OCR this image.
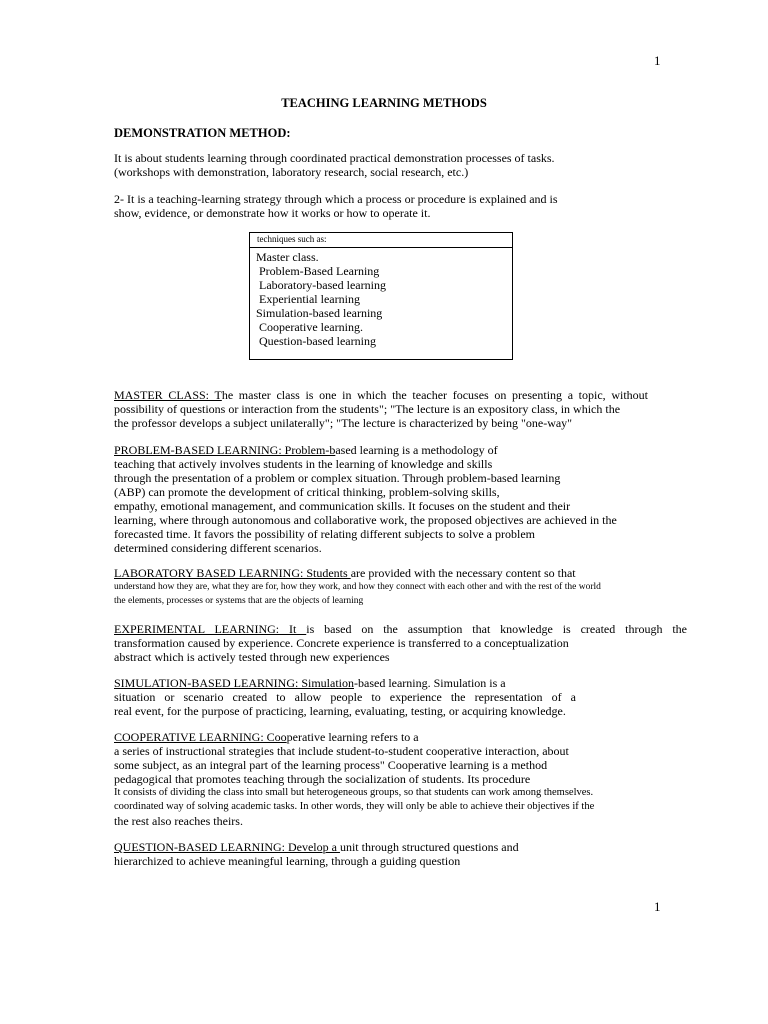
1
TEACHING LEARNING METHODS
DEMONSTRATION METHOD:
It is about students learning through coordinated practical demonstration processes of tasks.
(workshops with demonstration, laboratory research, social research, etc.)
2- It is a teaching-learning strategy through which a process or procedure is explained and is
show, evidence, or demonstrate how it works or how to operate it.
techniques such as:
Master class.
Problem-Based Learning
Laboratory-based learning
Experiential learning
Simulation-based learning
Cooperative learning.
Question-based learning
MASTER CLASS: The master class is one in which the teacher focuses on presenting a topic, without
possibility of questions or interaction from the students"; "The lecture is an expository class, in which the
the professor develops a subject unilaterally"; "The lecture is characterized by being "one-way"
PROBLEM-BASED LEARNING: Problem-based learning is a methodology of
teaching that actively involves students in the learning of knowledge and skills
through the presentation of a problem or complex situation. Through problem-based learning
(ABP) can promote the development of critical thinking, problem-solving skills,
empathy, emotional management, and communication skills. It focuses on the student and their
learning, where through autonomous and collaborative work, the proposed objectives are achieved in the
forecasted time. It favors the possibility of relating different subjects to solve a problem
determined considering different scenarios.
LABORATORY BASED LEARNING: Students are provided with the necessary content so that
understand how they are, what they are for, how they work, and how they connect with each other and with the rest of the world
the elements, processes or systems that are the objects of learning
EXPERIMENTAL LEARNING: It is based on the assumption that knowledge is created through the
transformation caused by experience. Concrete experience is transferred to a conceptualization
abstract which is actively tested through new experiences
SIMULATION-BASED LEARNING: Simulation-based learning. Simulation is a
situation or scenario created to allow people to experience the representation of a
real event, for the purpose of practicing, learning, evaluating, testing, or acquiring knowledge.
COOPERATIVE LEARNING: Cooperative learning refers to a
a series of instructional strategies that include student-to-student cooperative interaction, about
some subject, as an integral part of the learning process" Cooperative learning is a method
pedagogical that promotes teaching through the socialization of students. Its procedure
It consists of dividing the class into small but heterogeneous groups, so that students can work among themselves.
coordinated way of solving academic tasks. In other words, they will only be able to achieve their objectives if the
the rest also reaches theirs.
QUESTION-BASED LEARNING: Develop a unit through structured questions and
hierarchized to achieve meaningful learning, through a guiding question
1
